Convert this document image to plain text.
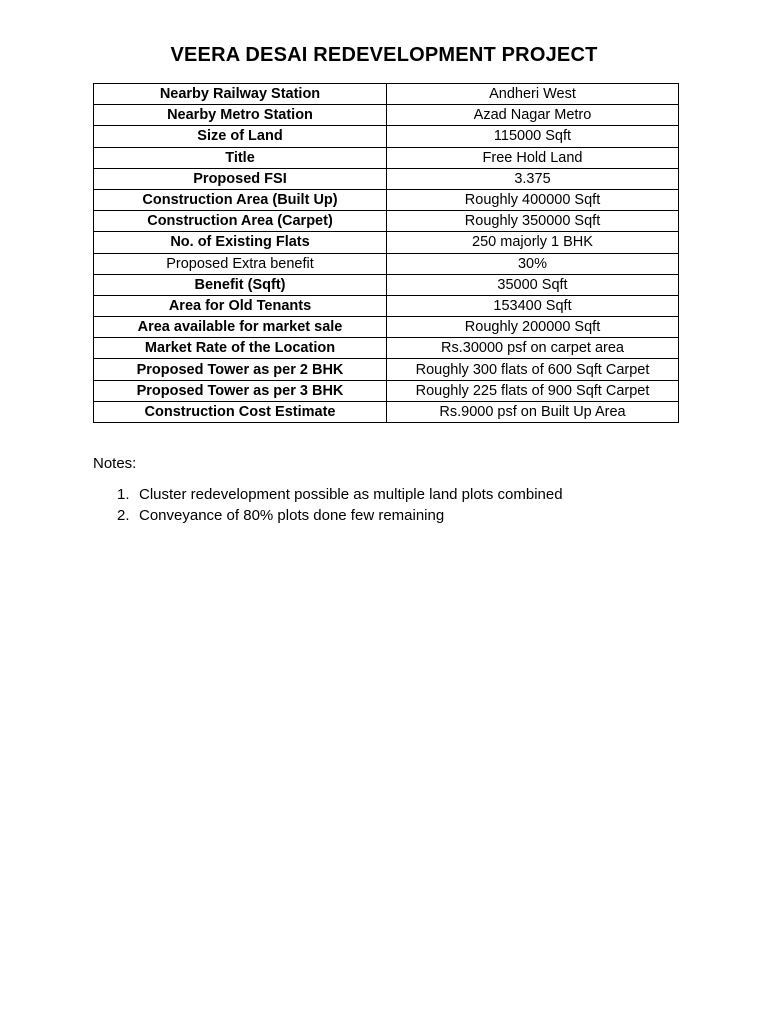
VEERA DESAI REDEVELOPMENT PROJECT
Nearby Railway Station	Andheri West
Nearby Metro Station	Azad Nagar Metro
Size of Land	115000 Sqft
Title	Free Hold Land
Proposed FSI	3.375
Construction Area (Built Up)	Roughly 400000 Sqft
Construction Area (Carpet)	Roughly 350000 Sqft
No. of Existing Flats	250 majorly 1 BHK
Proposed Extra benefit	30%
Benefit (Sqft)	35000 Sqft
Area for Old Tenants	153400 Sqft
Area available for market sale	Roughly 200000 Sqft
Market Rate of the Location	Rs.30000 psf on carpet area
Proposed Tower as per 2 BHK	Roughly 300 flats of 600 Sqft Carpet
Proposed Tower as per 3 BHK	Roughly 225 flats of 900 Sqft Carpet
Construction Cost Estimate	Rs.9000 psf on Built Up Area

Notes:

1. Cluster redevelopment possible as multiple land plots combined
2. Conveyance of 80% plots done few remaining
